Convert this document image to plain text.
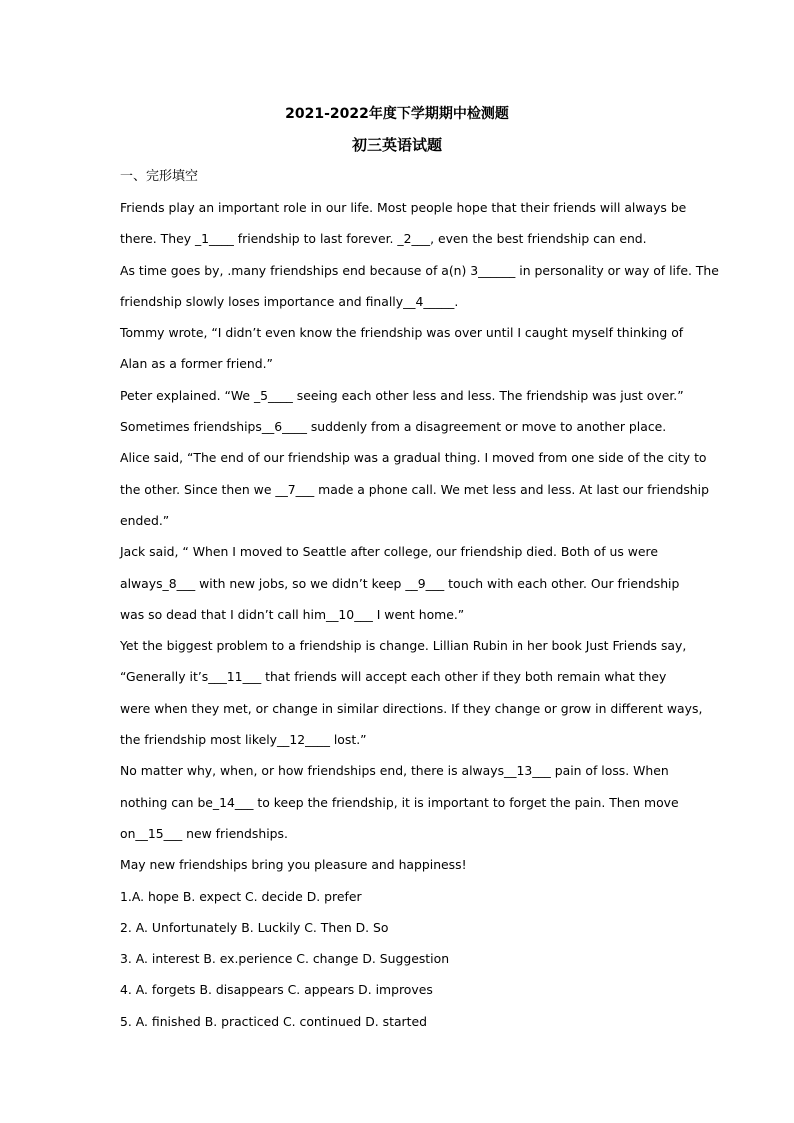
2021-2022年度下学期期中检测题
初三英语试题
一、完形填空
Friends play an important role in our life. Most people hope that their friends will always be
there. They _1____ friendship to last forever. _2___, even the best friendship can end.
As time goes by, .many friendships end because of a(n) 3______ in personality or way of life. The
friendship slowly loses importance and finally__4_____.
Tommy wrote, “I didn’t even know the friendship was over until I caught myself thinking of
Alan as a former friend.”
Peter explained. “We _5____ seeing each other less and less. The friendship was just over.”
Sometimes friendships__6____ suddenly from a disagreement or move to another place.
Alice said, “The end of our friendship was a gradual thing. I moved from one side of the city to
the other. Since then we __7___ made a phone call. We met less and less. At last our friendship
ended.”
Jack said, “ When I moved to Seattle after college, our friendship died. Both of us were
always_8___ with new jobs, so we didn’t keep __9___ touch with each other. Our friendship
was so dead that I didn’t call him__10___ I went home.”
Yet the biggest problem to a friendship is change. Lillian Rubin in her book Just Friends say,
“Generally it’s___11___ that friends will accept each other if they both remain what they
were when they met, or change in similar directions. If they change or grow in different ways,
the friendship most likely__12____ lost.”
No matter why, when, or how friendships end, there is always__13___ pain of loss. When
nothing can be_14___ to keep the friendship, it is important to forget the pain. Then move
on__15___ new friendships.
May new friendships bring you pleasure and happiness!
1.A. hope B. expect C. decide D. prefer
2. A. Unfortunately B. Luckily C. Then D. So
3. A. interest B. ex.perience C. change D. Suggestion
4. A. forgets B. disappears C. appears D. improves
5. A. finished B. practiced C. continued D. started
